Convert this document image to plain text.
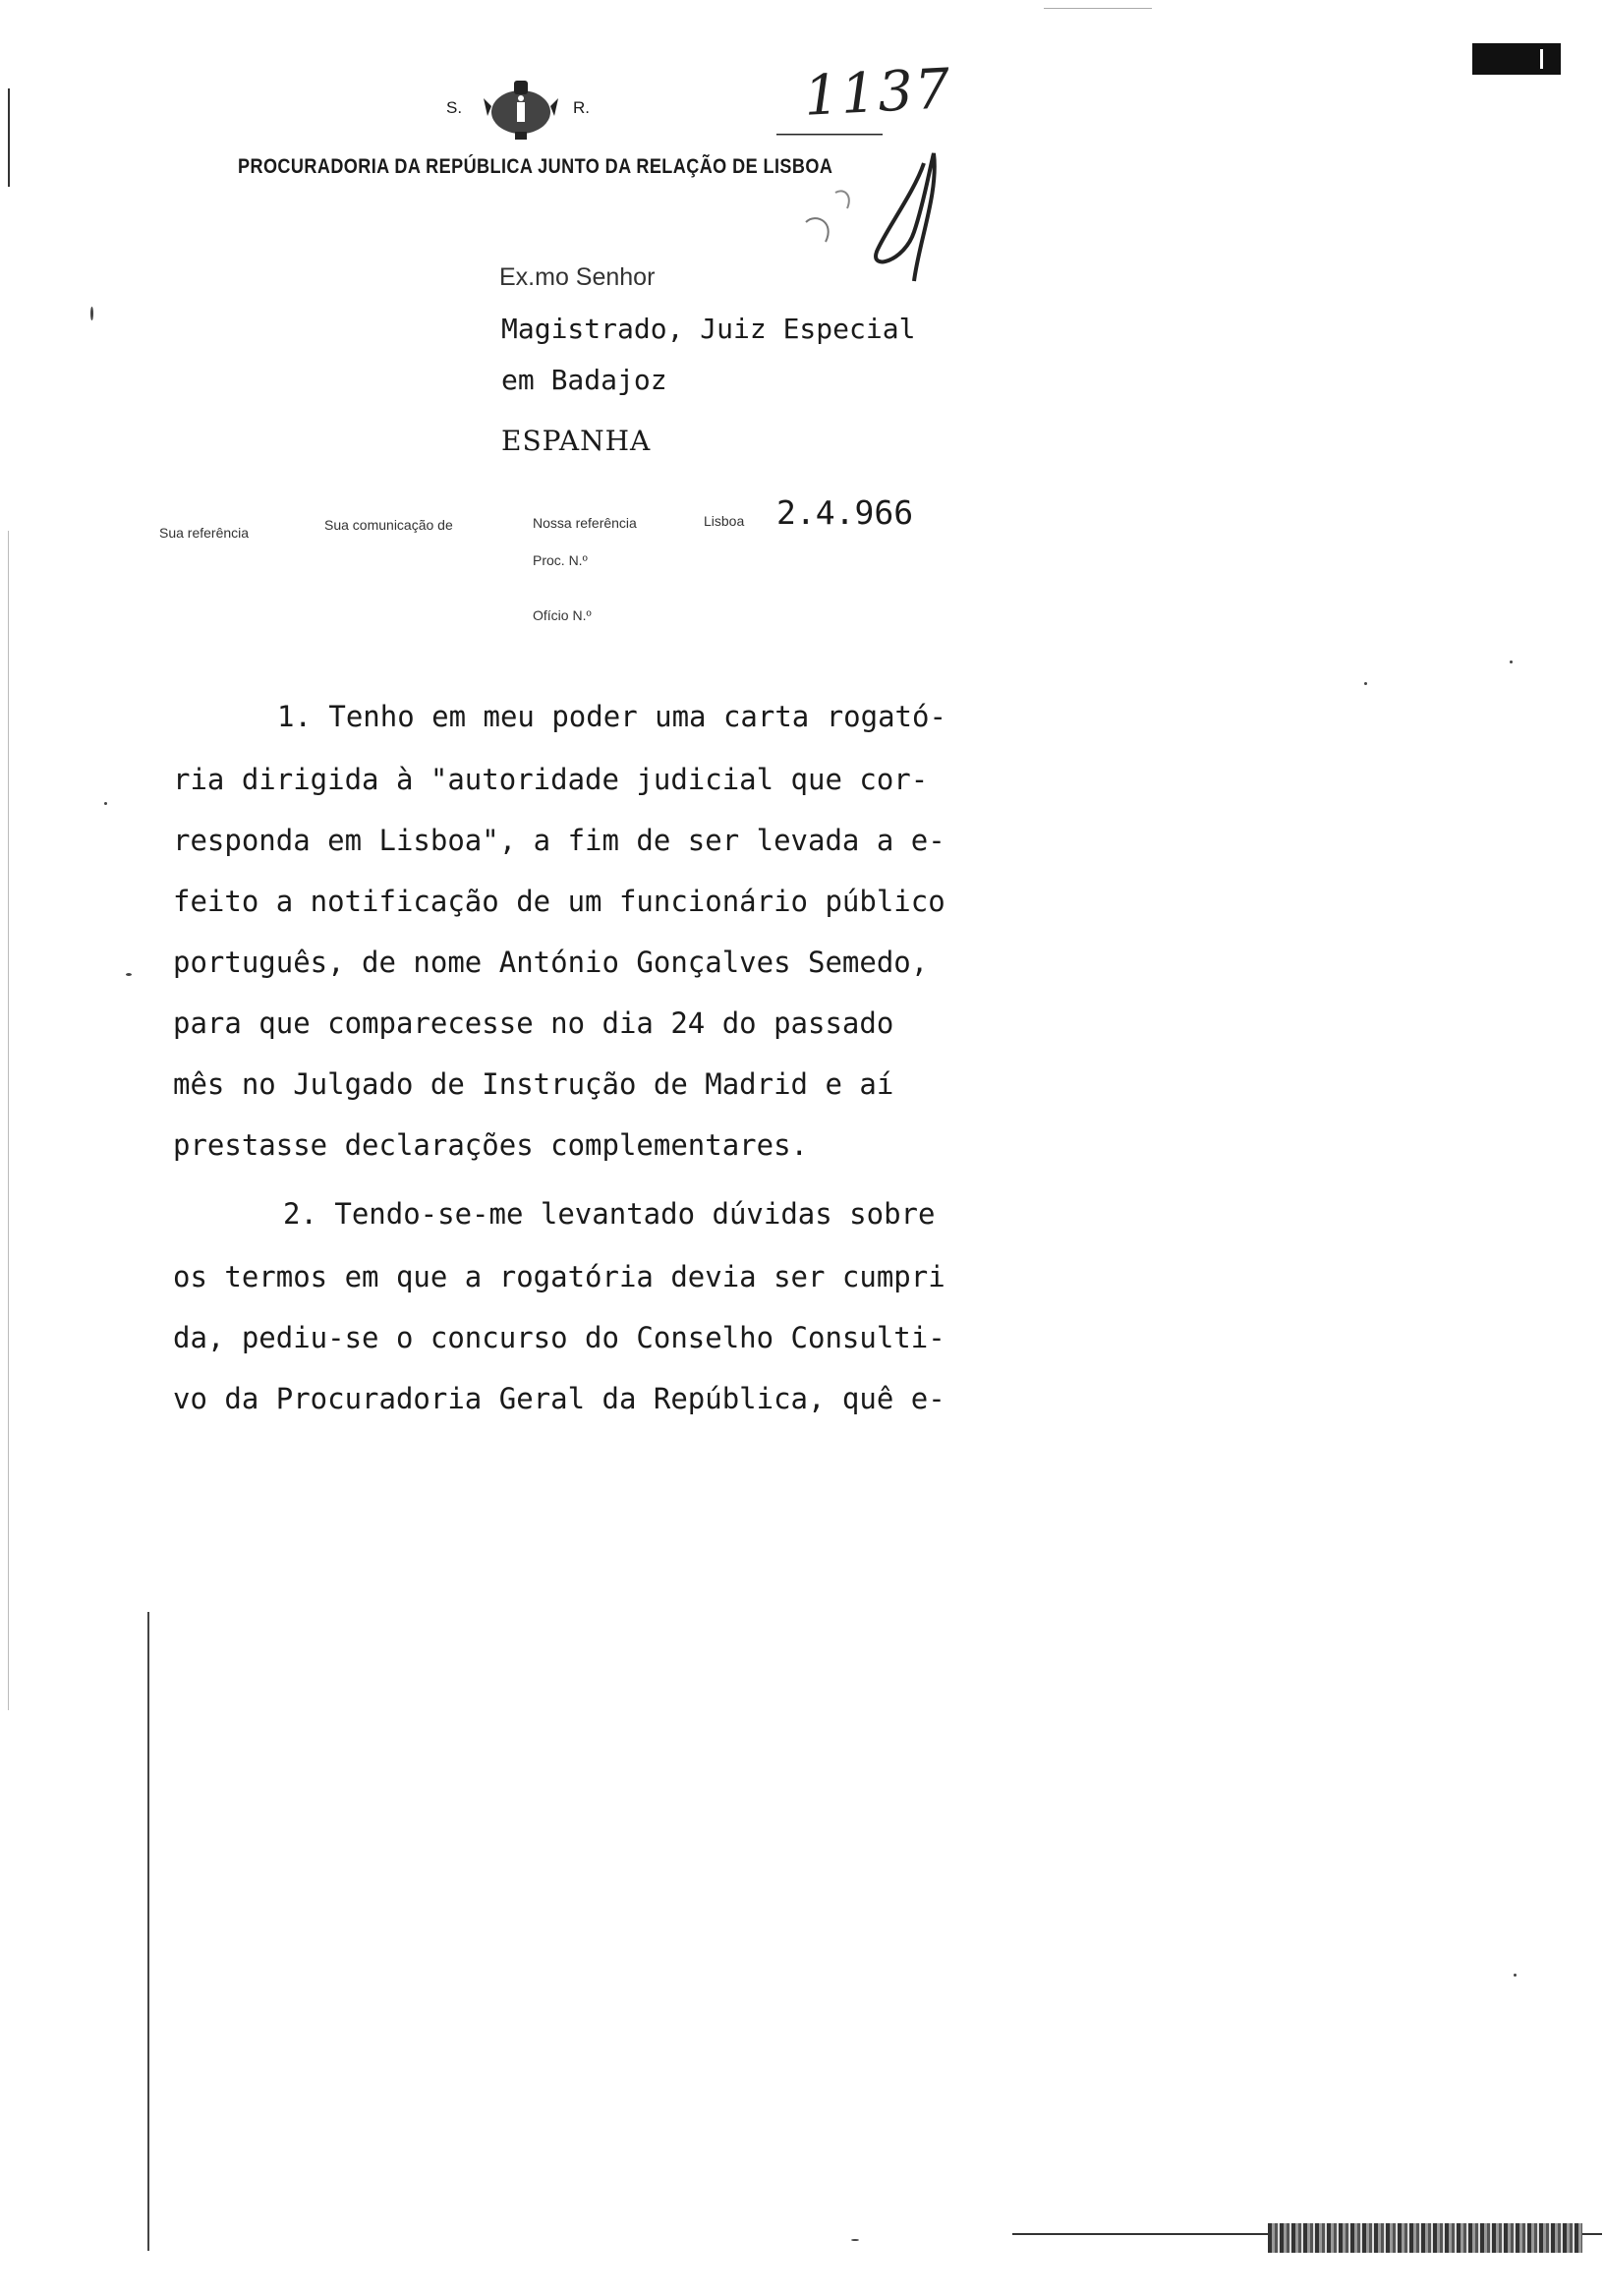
S.	R.
PROCURADORIA DA REPÚBLICA JUNTO DA RELAÇÃO DE LISBOA
1137
Ex.mo Senhor
Magistrado, Juiz Especial
em Badajoz
ESPANHA
Sua referência	Sua comunicação de	Nossa referência	Lisboa 2.4.966
Proc. N.º
Ofício N.º
1. Tenho em meu poder uma carta rogató-
ria dirigida à "autoridade judicial que cor-
responda em Lisboa", a fim de ser levada a e-
feito a notificação de um funcionário público
português, de nome António Gonçalves Semedo,
para que comparecesse no dia 24 do passado
mês no Julgado de Instrução de Madrid e aí
prestasse declarações complementares.
2. Tendo-se-me levantado dúvidas sobre
os termos em que a rogatória devia ser cumpri
da, pediu-se o concurso do Conselho Consulti-
vo da Procuradoria Geral da República, quê e-
